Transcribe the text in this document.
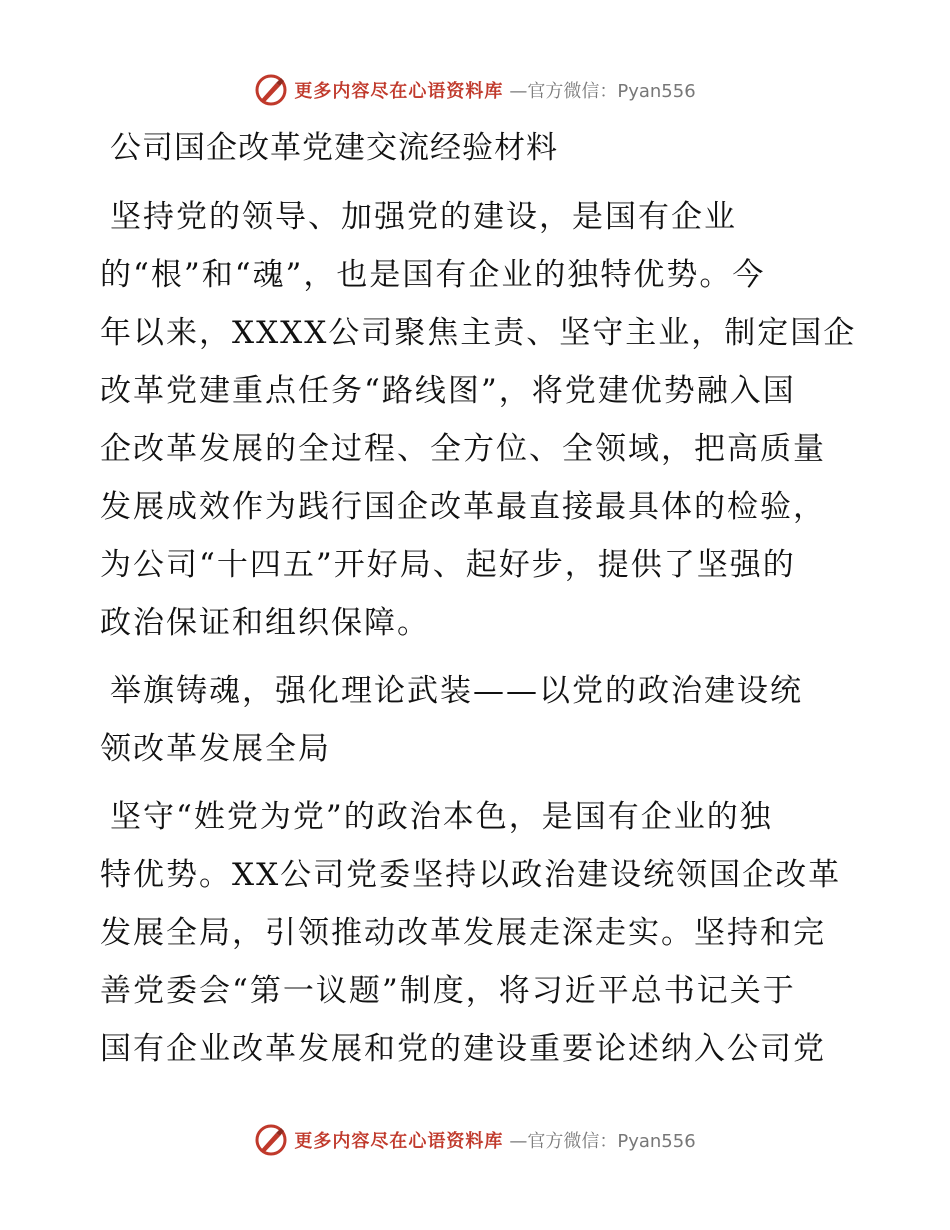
更多内容尽在心语资料库 —官方微信：Pyan556
公司国企改革党建交流经验材料
坚持党的领导、加强党的建设，是国有企业
的“根”和“魂”，也是国有企业的独特优势。今
年以来，XXXX公司聚焦主责、坚守主业，制定国企
改革党建重点任务“路线图”，将党建优势融入国
企改革发展的全过程、全方位、全领域，把高质量
发展成效作为践行国企改革最直接最具体的检验，
为公司“十四五”开好局、起好步，提供了坚强的
政治保证和组织保障。
举旗铸魂，强化理论武装——以党的政治建设统
领改革发展全局
坚守“姓党为党”的政治本色，是国有企业的独
特优势。XX公司党委坚持以政治建设统领国企改革
发展全局，引领推动改革发展走深走实。坚持和完
善党委会“第一议题”制度，将习近平总书记关于
国有企业改革发展和党的建设重要论述纳入公司党
更多内容尽在心语资料库 —官方微信：Pyan556
